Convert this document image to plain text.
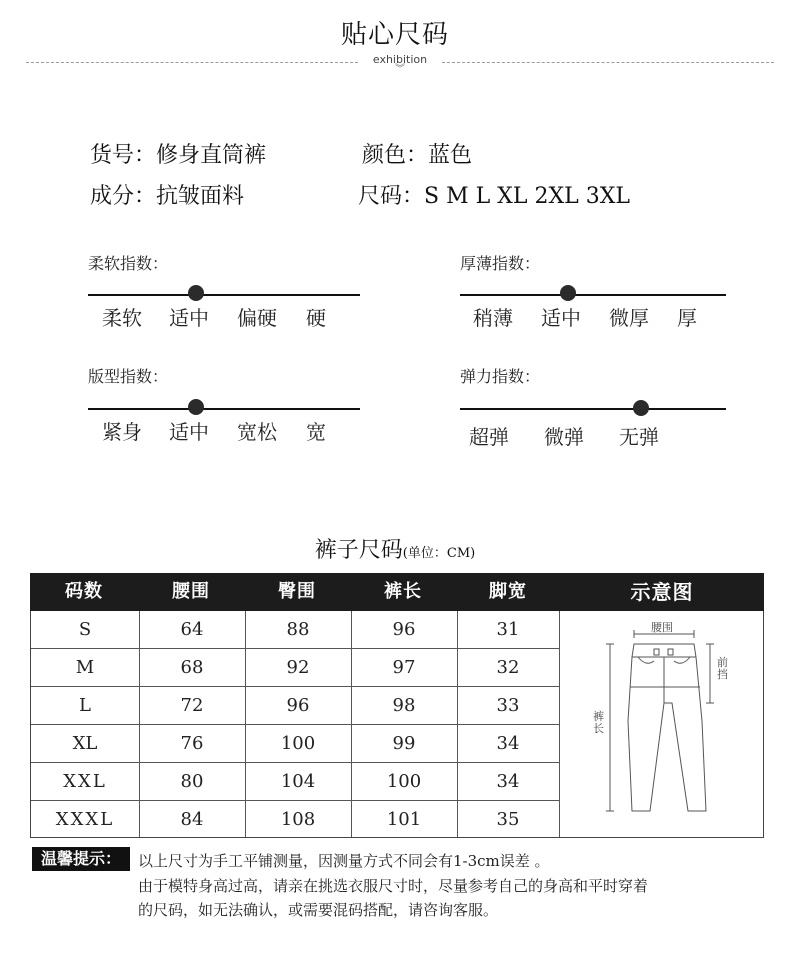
贴心尺码
exhibition
︾
货号：修身直筒裤	颜色：蓝色
成分：抗皱面料	尺码：S M L XL 2XL 3XL
柔软指数：
柔软 适中 偏硬 硬
厚薄指数：
稍薄 适中 微厚 厚
版型指数：
紧身 适中 宽松 宽
弹力指数：
超弹 微弹 无弹
裤子尺码(单位：CM)
码数	腰围	臀围	裤长	脚宽	示意图
S	64	88	96	31
M	68	92	97	32
L	72	96	98	33
XL	76	100	99	34
XXL	80	104	100	34
XXXL	84	108	101	35
腰围
前挡
裤长
温馨提示：	以上尺寸为手工平铺测量，因测量方式不同会有1-3cm误差 。
由于模特身高过高，请亲在挑选衣服尺寸时，尽量参考自己的身高和平时穿着
的尺码，如无法确认，或需要混码搭配，请咨询客服。
